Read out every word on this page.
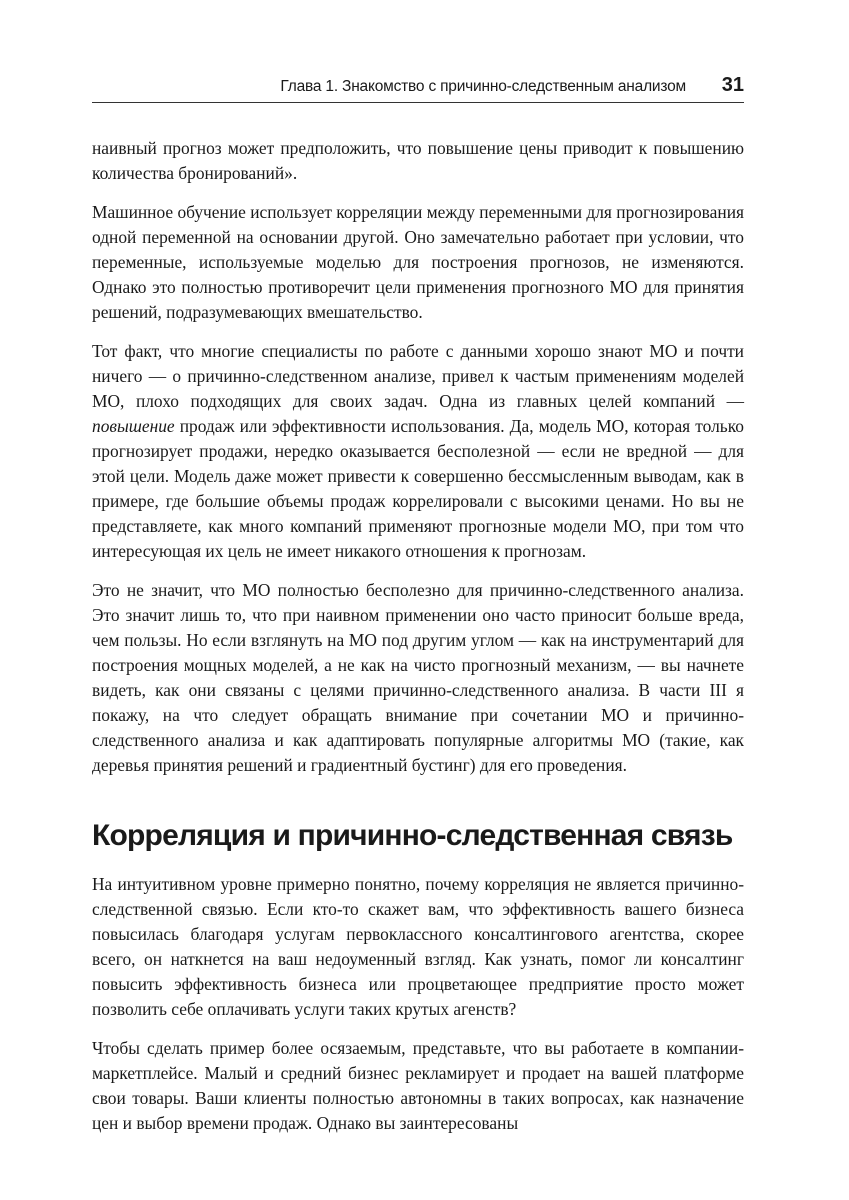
Глава 1. Знакомство с причинно-следственным анализом 31

наивный прогноз может предположить, что повышение цены приводит к повышению количества бронирований».

Машинное обучение использует корреляции между переменными для прогнозирования одной переменной на основании другой. Оно замечательно работает при условии, что переменные, используемые моделью для построения прогнозов, не изменяются. Однако это полностью противоречит цели применения прогнозного МО для принятия решений, подразумевающих вмешательство.

Тот факт, что многие специалисты по работе с данными хорошо знают МО и почти ничего — о причинно-следственном анализе, привел к частым применениям моделей МО, плохо подходящих для своих задач. Одна из главных целей компаний — повышение продаж или эффективности использования. Да, модель МО, которая только прогнозирует продажи, нередко оказывается бесполезной — если не вредной — для этой цели. Модель даже может привести к совершенно бессмысленным выводам, как в примере, где большие объемы продаж коррелировали с высокими ценами. Но вы не представляете, как много компаний применяют прогнозные модели МО, при том что интересующая их цель не имеет никакого отношения к прогнозам.

Это не значит, что МО полностью бесполезно для причинно-следственного анализа. Это значит лишь то, что при наивном применении оно часто приносит больше вреда, чем пользы. Но если взглянуть на МО под другим углом — как на инструментарий для построения мощных моделей, а не как на чисто прогнозный механизм, — вы начнете видеть, как они связаны с целями причинно-следственного анализа. В части III я покажу, на что следует обращать внимание при сочетании МО и причинно-следственного анализа и как адаптировать популярные алгоритмы МО (такие, как деревья принятия решений и градиентный бустинг) для его проведения.

Корреляция и причинно-следственная связь

На интуитивном уровне примерно понятно, почему корреляция не является причинно-следственной связью. Если кто-то скажет вам, что эффективность вашего бизнеса повысилась благодаря услугам первоклассного консалтингового агентства, скорее всего, он наткнется на ваш недоуменный взгляд. Как узнать, помог ли консалтинг повысить эффективность бизнеса или процветающее предприятие просто может позволить себе оплачивать услуги таких крутых агенств?

Чтобы сделать пример более осязаемым, представьте, что вы работаете в компании-маркетплейсе. Малый и средний бизнес рекламирует и продает на вашей платформе свои товары. Ваши клиенты полностью автономны в таких вопросах, как назначение цен и выбор времени продаж. Однако вы заинтересованы
